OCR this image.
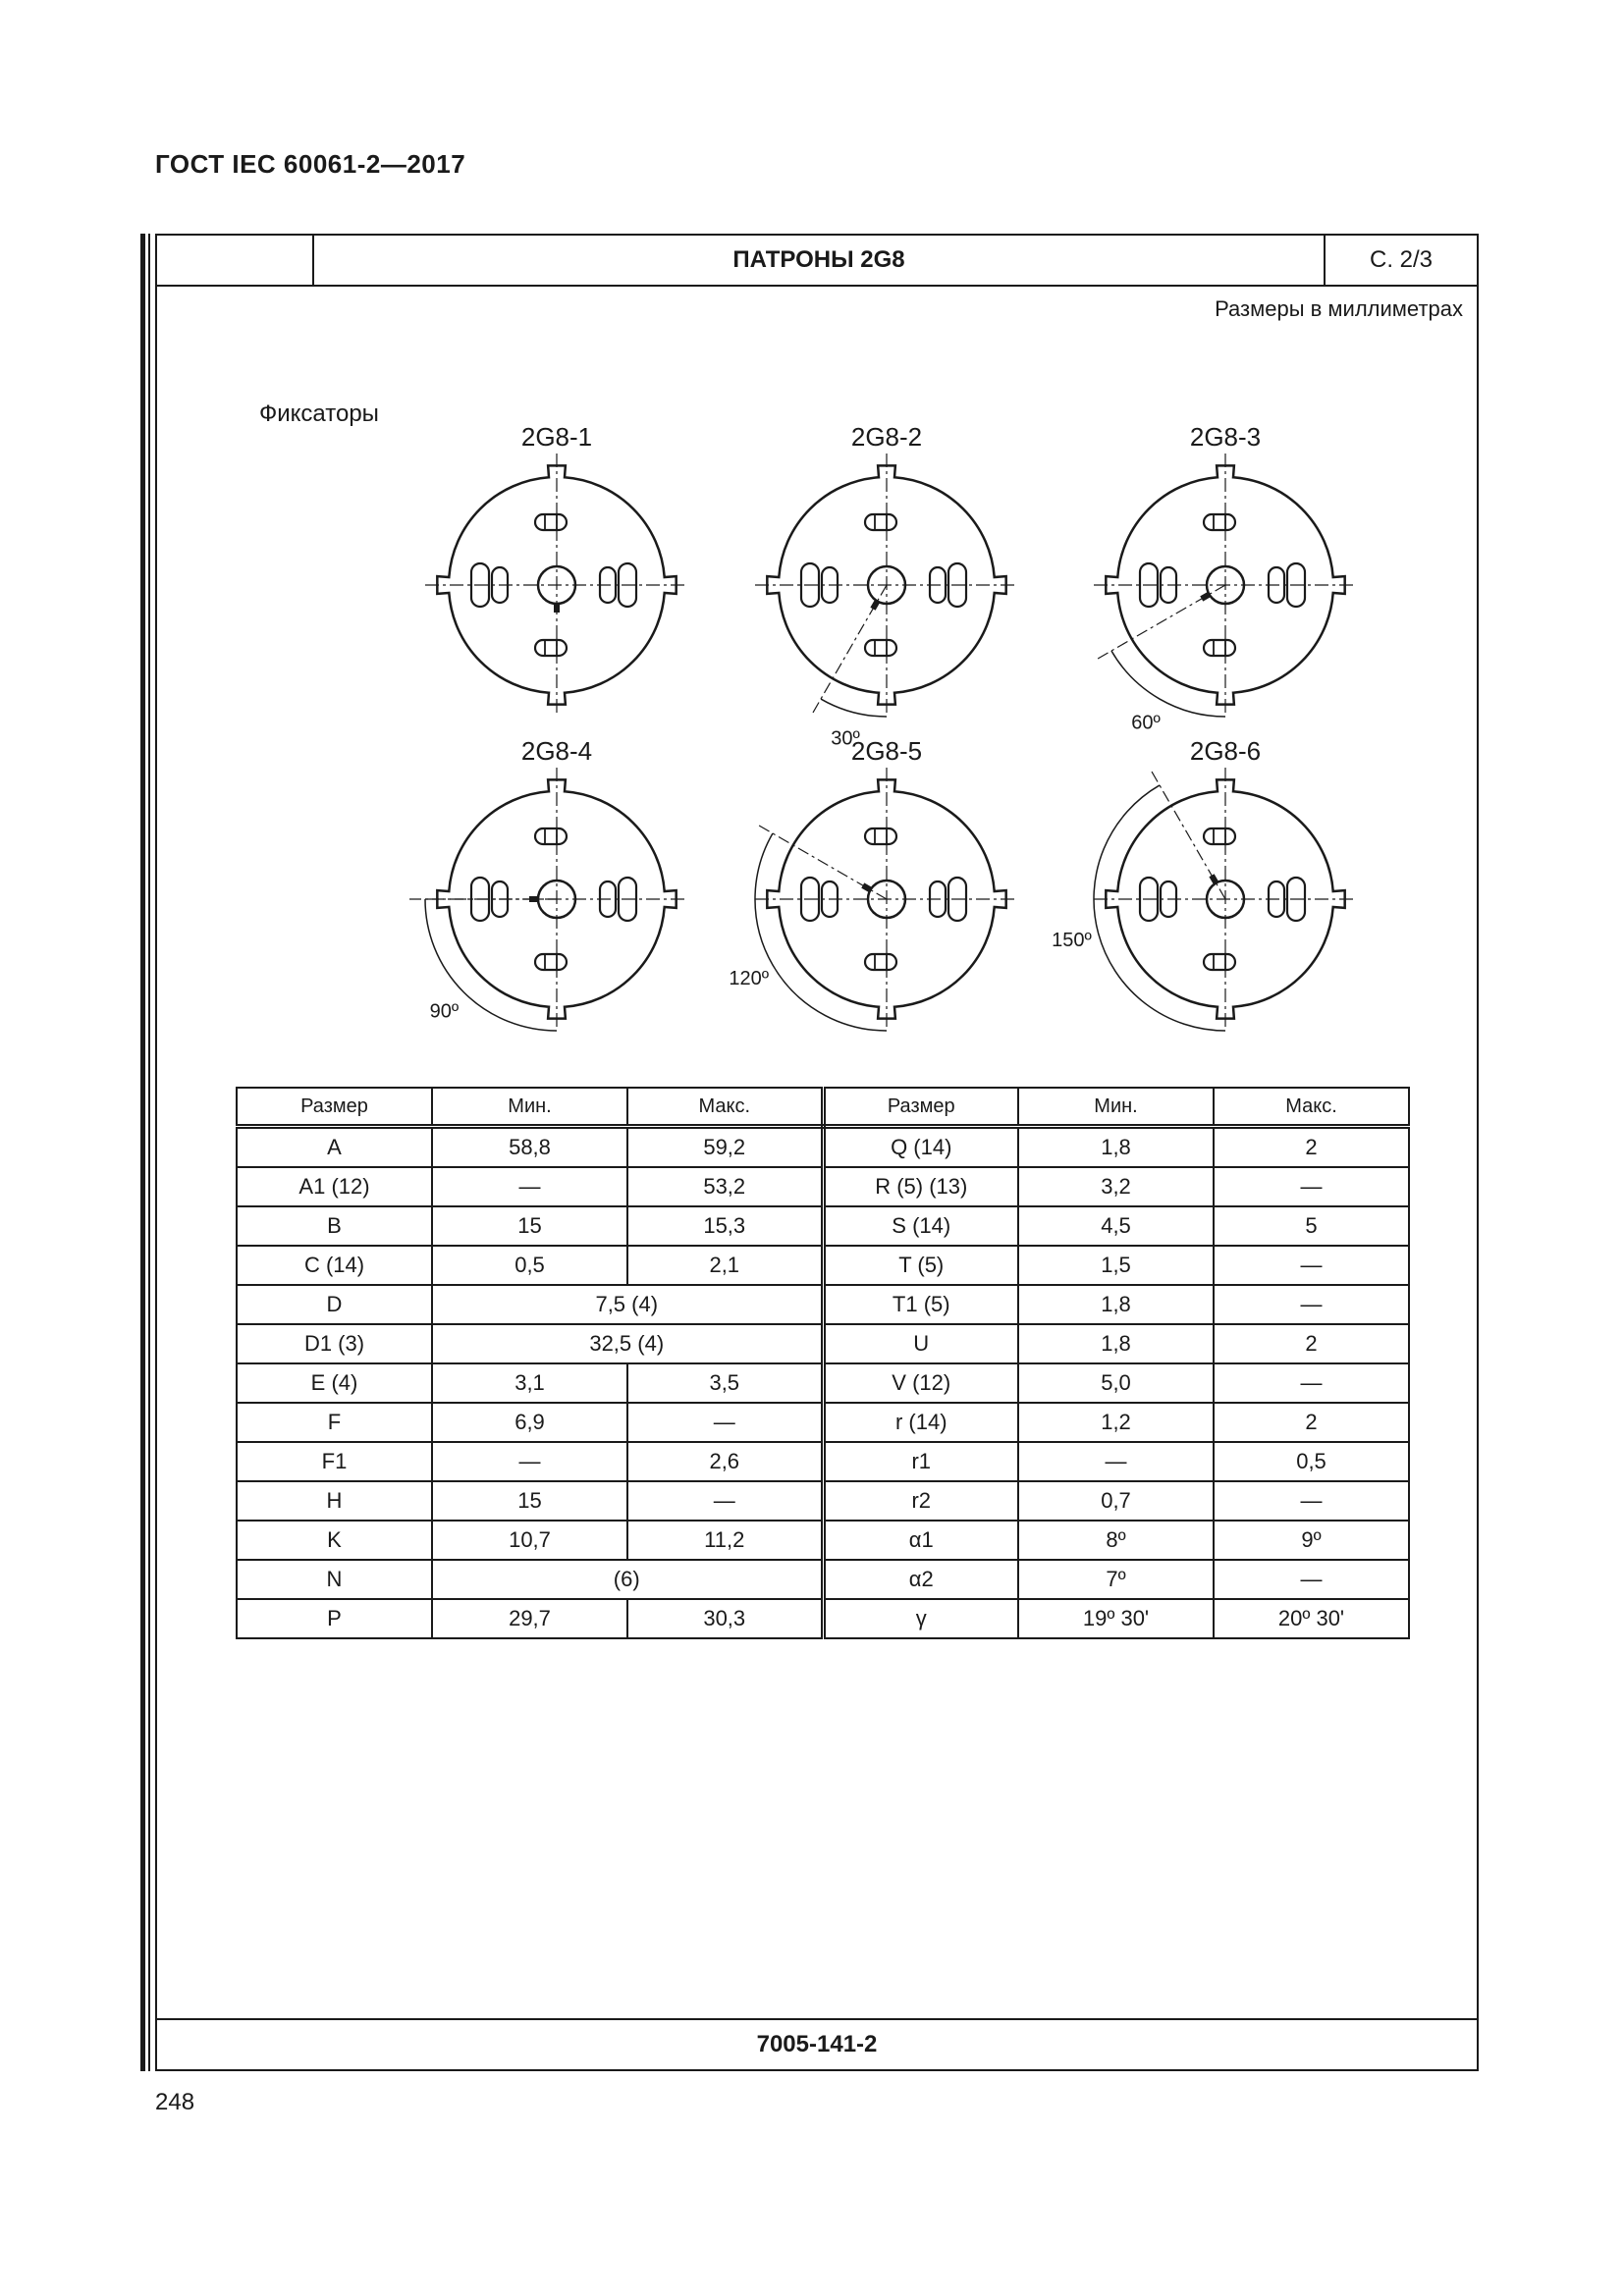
ГОСТ IEC 60061-2—2017
ПАТРОНЫ 2G8	С. 2/3
Размеры в миллиметрах
Фиксаторы
2G8-1	2G8-2
30º
2G8-3
60º
2G8-4
90º
2G8-5
120º
2G8-6
150º
Размер	Мин.	Макс.	Размер	Мин.	Макс.
A	58,8	59,2	Q (14)	1,8	2
A1 (12)	—	53,2	R (5) (13)	3,2	—
B	15	15,3	S (14)	4,5	5
C (14)	0,5	2,1	T (5)	1,5	—
D	7,5 (4)		T1 (5)	1,8	—
D1 (3)	32,5 (4)		U	1,8	2
E (4)	3,1	3,5	V (12)	5,0	—
F	6,9	—	r (14)	1,2	2
F1	—	2,6	r1	—	0,5
H	15	—	r2	0,7	—
K	10,7	11,2	α1	8º	9º
N	(6)		α2	7º	—
P	29,7	30,3	γ	19º 30'	20º 30'
7005-141-2
248
